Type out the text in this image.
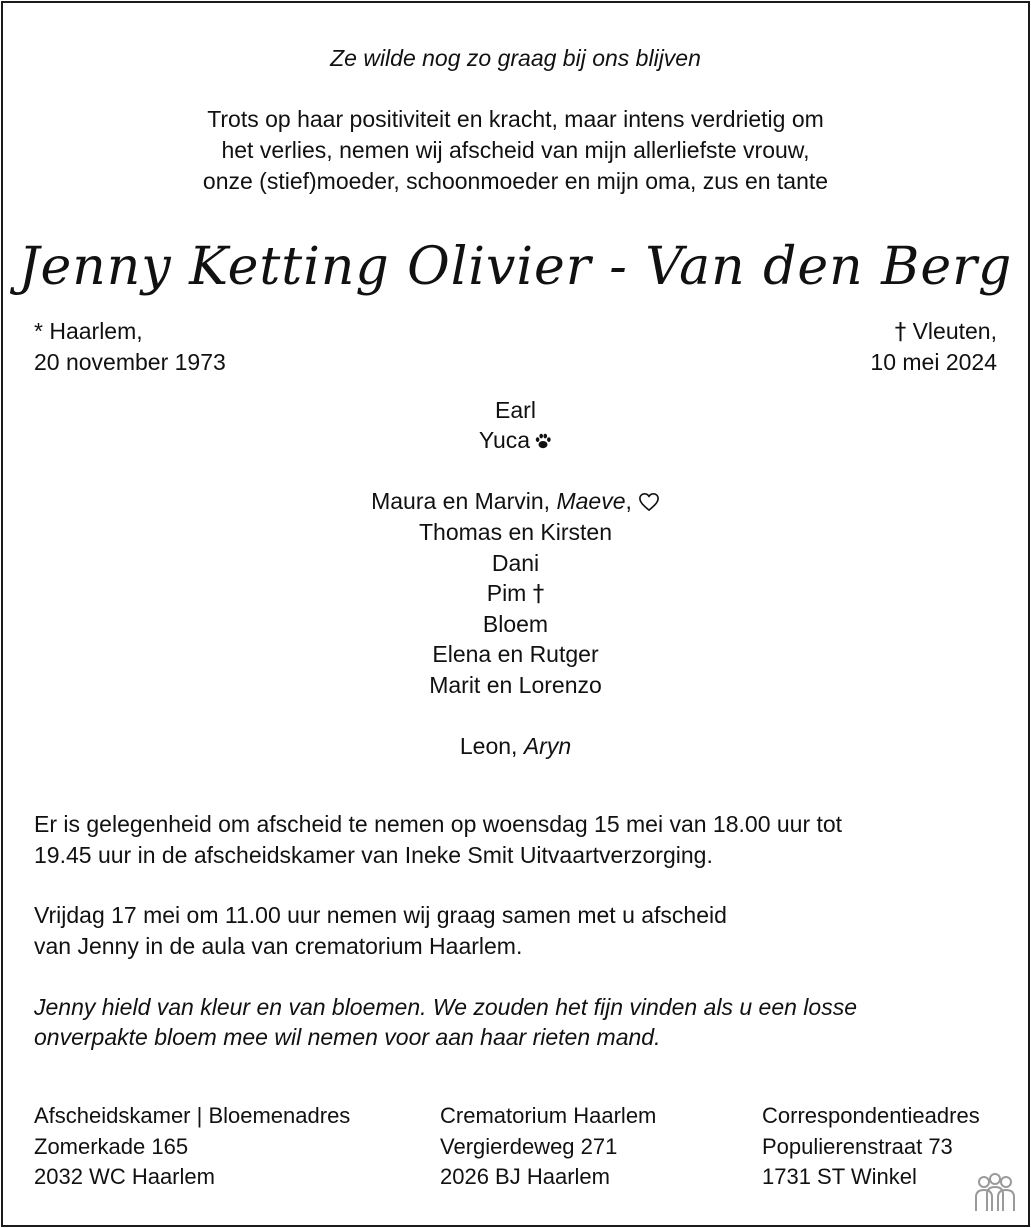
Ze wilde nog zo graag bij ons blijven
Trots op haar positiviteit en kracht, maar intens verdrietig om
het verlies, nemen wij afscheid van mijn allerliefste vrouw,
onze (stief)moeder, schoonmoeder en mijn oma, zus en tante
Jenny Ketting Olivier - Van den Berg
* Haarlem,
20 november 1973
† Vleuten,
10 mei 2024
Earl
Yuca
Maura en Marvin, Maeve,
Thomas en Kirsten
Dani
Pim †
Bloem
Elena en Rutger
Marit en Lorenzo
Leon, Aryn
Er is gelegenheid om afscheid te nemen op woensdag 15 mei van 18.00 uur tot
19.45 uur in de afscheidskamer van Ineke Smit Uitvaartverzorging.
Vrijdag 17 mei om 11.00 uur nemen wij graag samen met u afscheid
van Jenny in de aula van crematorium Haarlem.
Jenny hield van kleur en van bloemen. We zouden het fijn vinden als u een losse
onverpakte bloem mee wil nemen voor aan haar rieten mand.
Afscheidskamer | Bloemenadres
Zomerkade 165
2032 WC Haarlem
Crematorium Haarlem
Vergierdeweg 271
2026 BJ Haarlem
Correspondentieadres
Populierenstraat 73
1731 ST Winkel
